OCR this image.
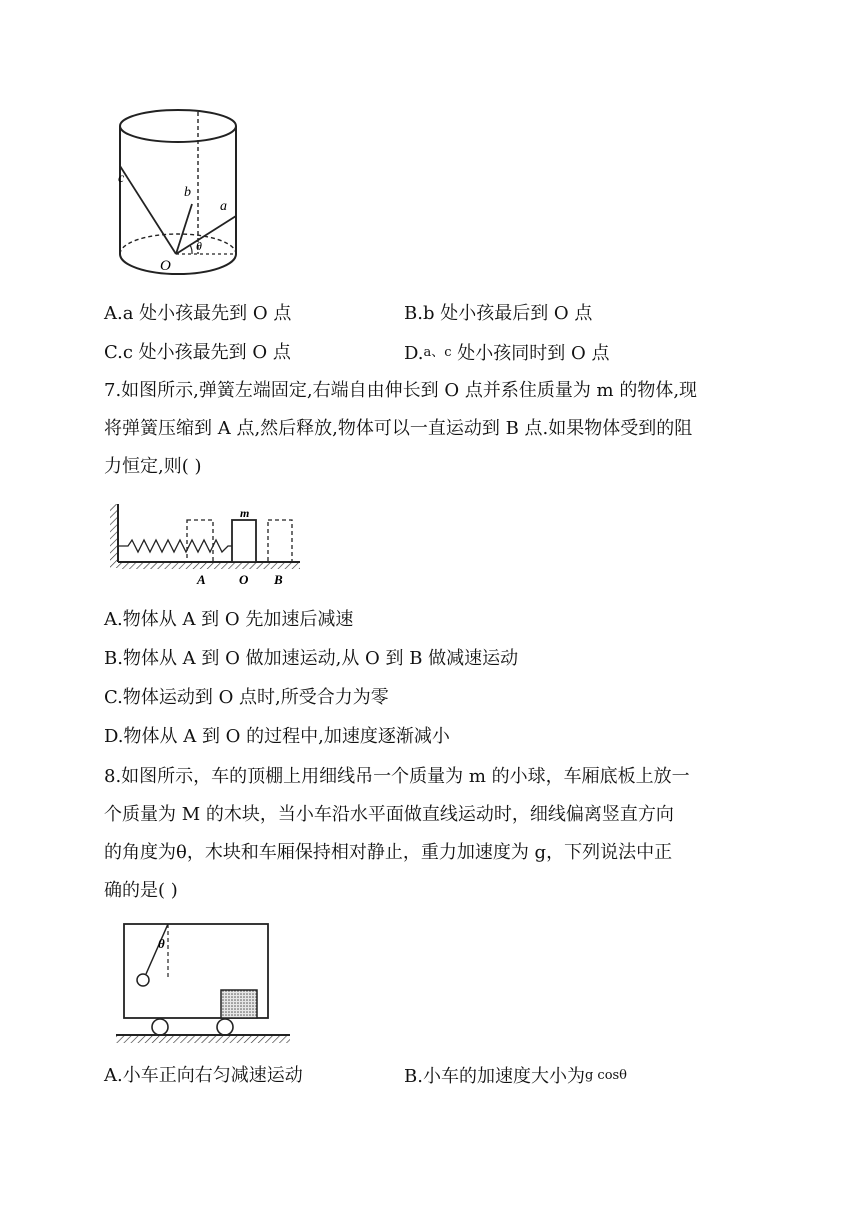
c
b
a
θ
O
A.a 处小孩最先到 O 点	B.b 处小孩最后到 O 点
C.c 处小孩最先到 O 点	D.a、c 处小孩同时到 O 点
7.如图所示,弹簧左端固定,右端自由伸长到 O 点并系住质量为 m 的物体,现
将弹簧压缩到 A 点,然后释放,物体可以一直运动到 B 点.如果物体受到的阻
力恒定,则( )
m
A	O B
A.物体从 A 到 O 先加速后减速
B.物体从 A 到 O 做加速运动,从 O 到 B 做减速运动
C.物体运动到 O 点时,所受合力为零
D.物体从 A 到 O 的过程中,加速度逐渐减小
8.如图所示，车的顶棚上用细线吊一个质量为 m 的小球，车厢底板上放一
个质量为 M 的木块，当小车沿水平面做直线运动时，细线偏离竖直方向
的角度为θ，木块和车厢保持相对静止，重力加速度为 g，下列说法中正
确的是( )
θ
A.小车正向右匀减速运动	B.小车的加速度大小为g cosθ
